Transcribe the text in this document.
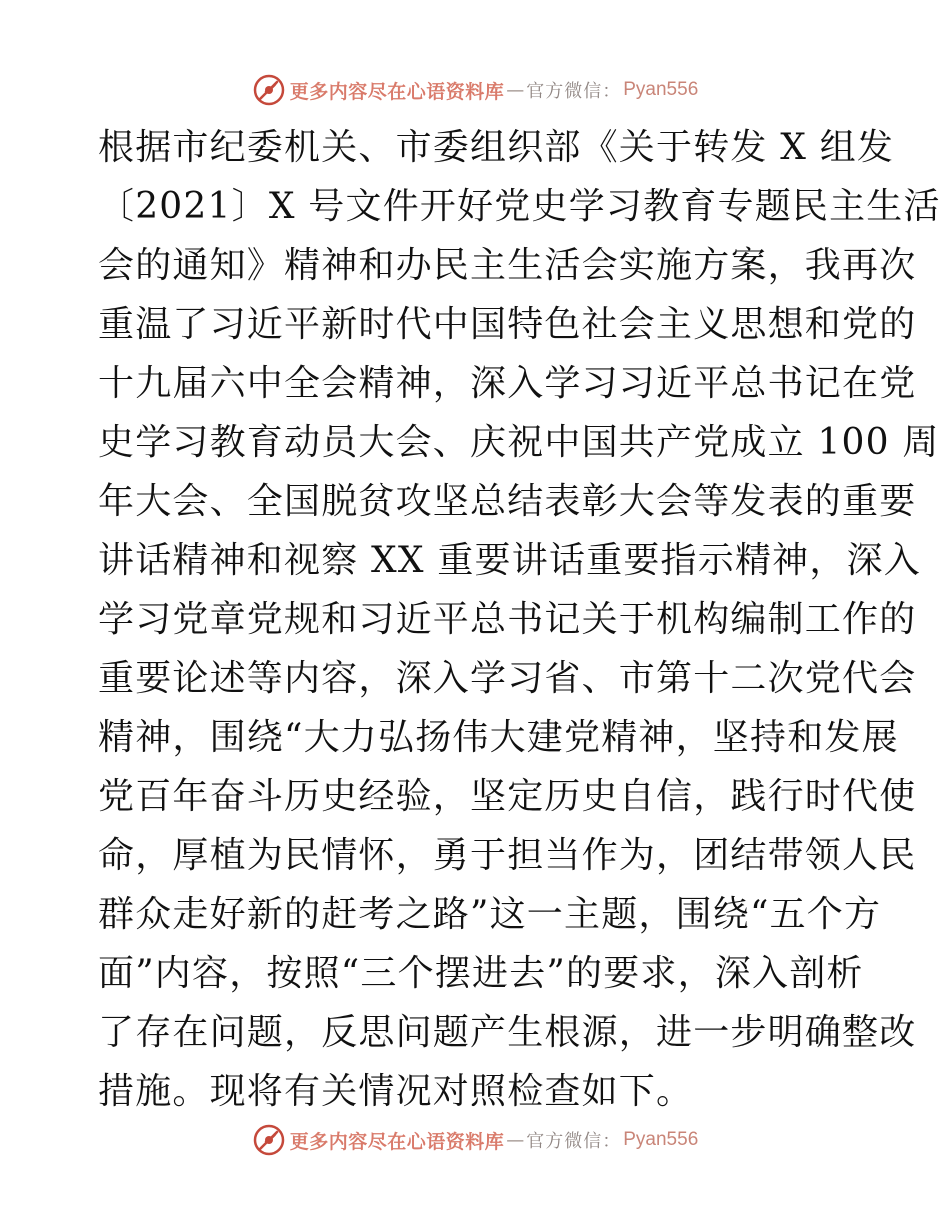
更多内容尽在心语资料库 — 官方微信： Pyan556
根据市纪委机关、市委组织部《关于转发 X 组发
〔2021〕X 号文件开好党史学习教育专题民主生活
会的通知》精神和办民主生活会实施方案，我再次
重温了习近平新时代中国特色社会主义思想和党的
十九届六中全会精神，深入学习习近平总书记在党
史学习教育动员大会、庆祝中国共产党成立 100 周
年大会、全国脱贫攻坚总结表彰大会等发表的重要
讲话精神和视察 XX 重要讲话重要指示精神，深入
学习党章党规和习近平总书记关于机构编制工作的
重要论述等内容，深入学习省、市第十二次党代会
精神，围绕“大力弘扬伟大建党精神，坚持和发展
党百年奋斗历史经验，坚定历史自信，践行时代使
命，厚植为民情怀，勇于担当作为，团结带领人民
群众走好新的赶考之路”这一主题，围绕“五个方
面”内容，按照“三个摆进去”的要求，深入剖析
了存在问题，反思问题产生根源，进一步明确整改
措施。现将有关情况对照检查如下。
更多内容尽在心语资料库 — 官方微信： Pyan556
